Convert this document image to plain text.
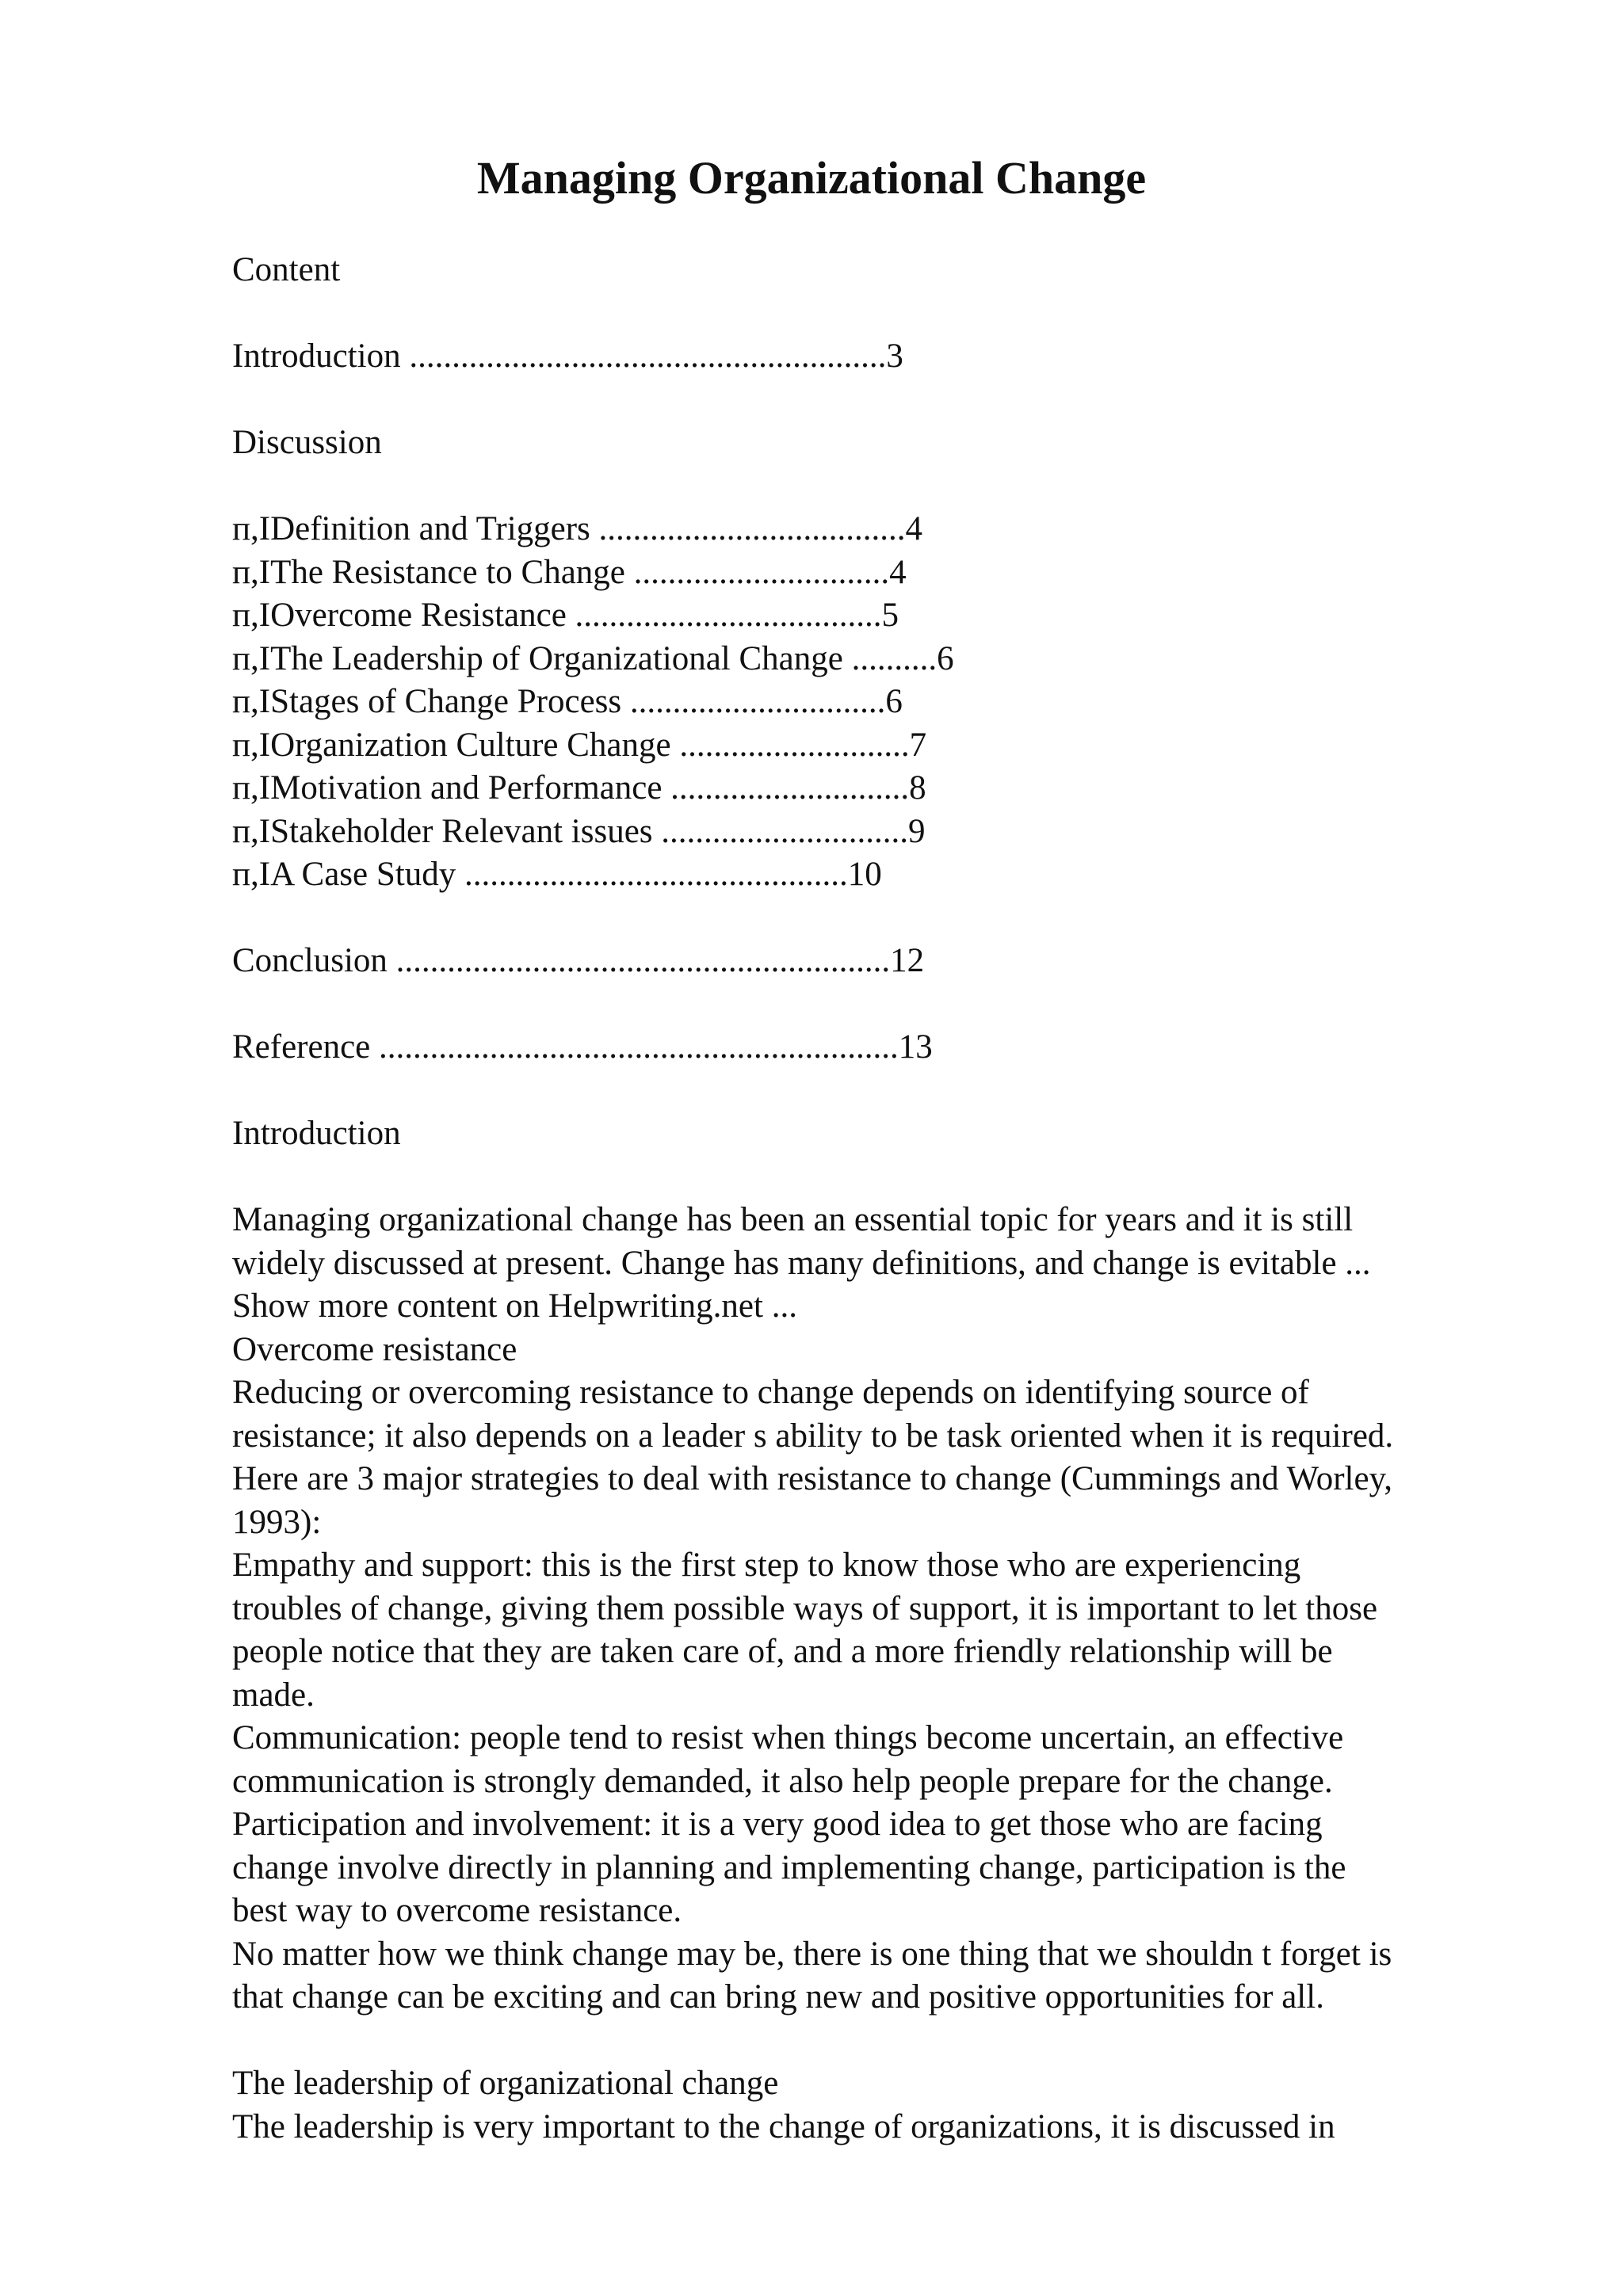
Managing Organizational Change
Content
Introduction ........................................................3
Discussion
п,IDefinition and Triggers ....................................4
п,IThe Resistance to Change ..............................4
п,IOvercome Resistance ....................................5
п,IThe Leadership of Organizational Change ..........6
п,IStages of Change Process ..............................6
п,IOrganization Culture Change ...........................7
п,IMotivation and Performance ............................8
п,IStakeholder Relevant issues .............................9
п,IA Case Study .............................................10
Conclusion ..........................................................12
Reference .............................................................13
Introduction
Managing organizational change has been an essential topic for years and it is still
widely discussed at present. Change has many definitions, and change is evitable ...
Show more content on Helpwriting.net ...
Overcome resistance
Reducing or overcoming resistance to change depends on identifying source of
resistance; it also depends on a leader s ability to be task oriented when it is required.
Here are 3 major strategies to deal with resistance to change (Cummings and Worley,
1993):
Empathy and support: this is the first step to know those who are experiencing
troubles of change, giving them possible ways of support, it is important to let those
people notice that they are taken care of, and a more friendly relationship will be
made.
Communication: people tend to resist when things become uncertain, an effective
communication is strongly demanded, it also help people prepare for the change.
Participation and involvement: it is a very good idea to get those who are facing
change involve directly in planning and implementing change, participation is the
best way to overcome resistance.
No matter how we think change may be, there is one thing that we shouldn t forget is
that change can be exciting and can bring new and positive opportunities for all.
The leadership of organizational change
The leadership is very important to the change of organizations, it is discussed in
